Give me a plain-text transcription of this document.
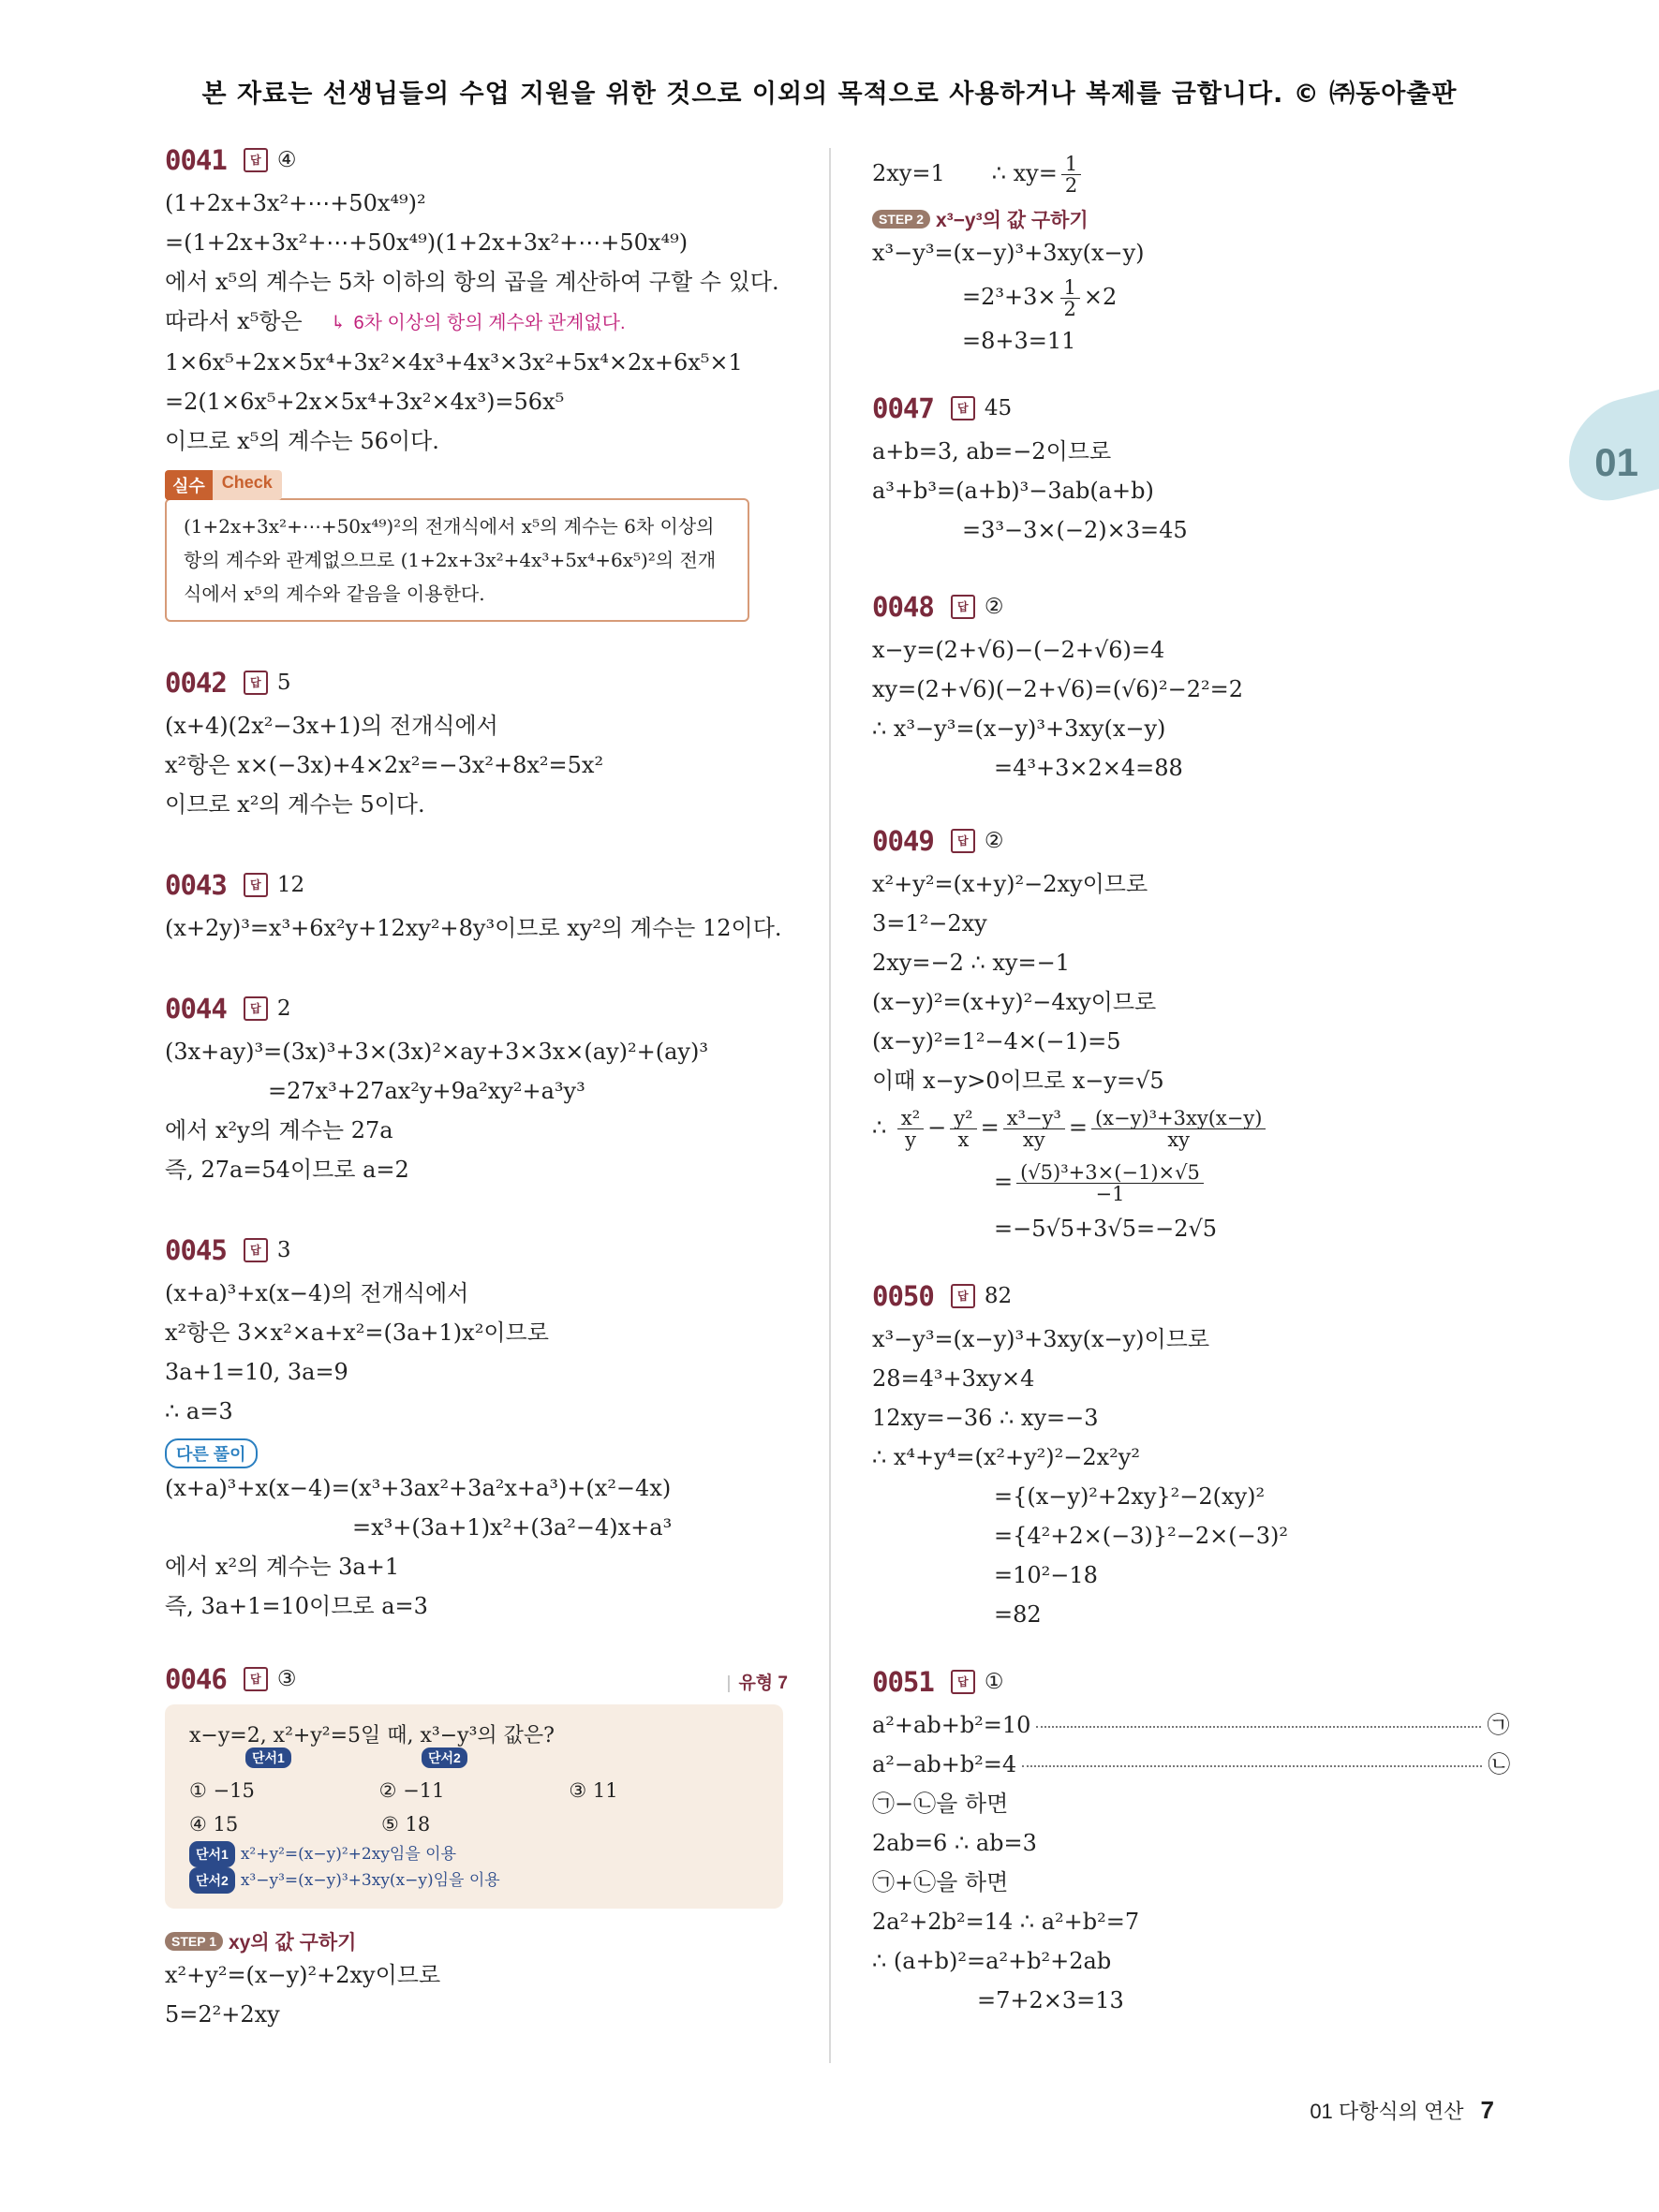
본 자료는 선생님들의 수업 지원을 위한 것으로 이외의 목적으로 사용하거나 복제를 금합니다. © ㈜동아출판
01
0041	답 ④
(1+2x+3x²+⋯+50x⁴⁹)²
=(1+2x+3x²+⋯+50x⁴⁹)(1+2x+3x²+⋯+50x⁴⁹)
에서 x⁵의 계수는 5차 이하의 항의 곱을 계산하여 구할 수 있다.
따라서 x⁵항은 ↳ 6차 이상의 항의 계수와 관계없다.
1×6x⁵+2x×5x⁴+3x²×4x³+4x³×3x²+5x⁴×2x+6x⁵×1
=2(1×6x⁵+2x×5x⁴+3x²×4x³)=56x⁵
이므로 x⁵의 계수는 56이다.
실수	Check
(1+2x+3x²+⋯+50x⁴⁹)²의 전개식에서 x⁵의 계수는 6차 이상의 항의 계수와 관계없으므로 (1+2x+3x²+4x³+5x⁴+6x⁵)²의 전개식에서 x⁵의 계수와 같음을 이용한다.
0042	답 5
(x+4)(2x²−3x+1)의 전개식에서
x²항은 x×(−3x)+4×2x²=−3x²+8x²=5x²
이므로 x²의 계수는 5이다.
0043	답 12
(x+2y)³=x³+6x²y+12xy²+8y³이므로 xy²의 계수는 12이다.
0044	답 2
(3x+ay)³=(3x)³+3×(3x)²×ay+3×3x×(ay)²+(ay)³
=27x³+27ax²y+9a²xy²+a³y³
에서 x²y의 계수는 27a
즉, 27a=54이므로 a=2
0045	답 3
(x+a)³+x(x−4)의 전개식에서
x²항은 3×x²×a+x²=(3a+1)x²이므로
3a+1=10, 3a=9
∴ a=3
다른 풀이
(x+a)³+x(x−4)=(x³+3ax²+3a²x+a³)+(x²−4x)
=x³+(3a+1)x²+(3a²−4)x+a³
에서 x²의 계수는 3a+1
즉, 3a+1=10이므로 a=3
0046	답 ③
|	유형 7
x−y=2, x²+y²=5일 때, x³−y³의 값은?
단서1	단서2
① −15	② −11	③ 11
④ 15	⑤ 18
단서1 x²+y²=(x−y)²+2xy임을 이용
단서2 x³−y³=(x−y)³+3xy(x−y)임을 이용
STEP 1 xy의 값 구하기
x²+y²=(x−y)²+2xy이므로
5=2²+2xy
2xy=1 ∴ $xy= \frac{1}{2}$
STEP 2 x³−y³의 값 구하기
x³−y³=(x−y)³+3xy(x−y)
$=2^3+3\times \frac{1}{2} \times 2$
=8+3=11
0047	답 45
a+b=3, ab=−2이므로
a³+b³=(a+b)³−3ab(a+b)
=3³−3×(−2)×3=45
0048	답 ②
x−y=(2+√6)−(−2+√6)=4
xy=(2+√6)(−2+√6)=(√6)²−2²=2
∴ x³−y³=(x−y)³+3xy(x−y)
=4³+3×2×4=88
0049	답 ②
x²+y²=(x+y)²−2xy이므로
3=1²−2xy
2xy=−2 ∴ xy=−1
(x−y)²=(x+y)²−4xy이므로
(x−y)²=1²−4×(−1)=5
이때 x−y>0이므로 x−y=√5
∴ $\frac{\text{x²}}{y} - \frac{\text{y²}}{x} = \frac{\text{x³−y³}}{xy} = \frac{\text{(x−y)³+3xy(x−y)}}{xy}$
= $\frac{\text{(√5)³+3×(−1)×√5}}{-1}$
=−5√5+3√5=−2√5
0050	답 82
x³−y³=(x−y)³+3xy(x−y)이므로
28=4³+3xy×4
12xy=−36 ∴ xy=−3
∴ x⁴+y⁴=(x²+y²)²−2x²y²
={(x−y)²+2xy}²−2(xy)²
={4²+2×(−3)}²−2×(−3)²
=10²−18
=82
0051	답 ①
a²+ab+b²=10	㉠
a²−ab+b²=4	㉡
㉠−㉡을 하면
2ab=6 ∴ ab=3
㉠+㉡을 하면
2a²+2b²=14 ∴ a²+b²=7
∴ (a+b)²=a²+b²+2ab
=7+2×3=13
01 다항식의 연산 7
